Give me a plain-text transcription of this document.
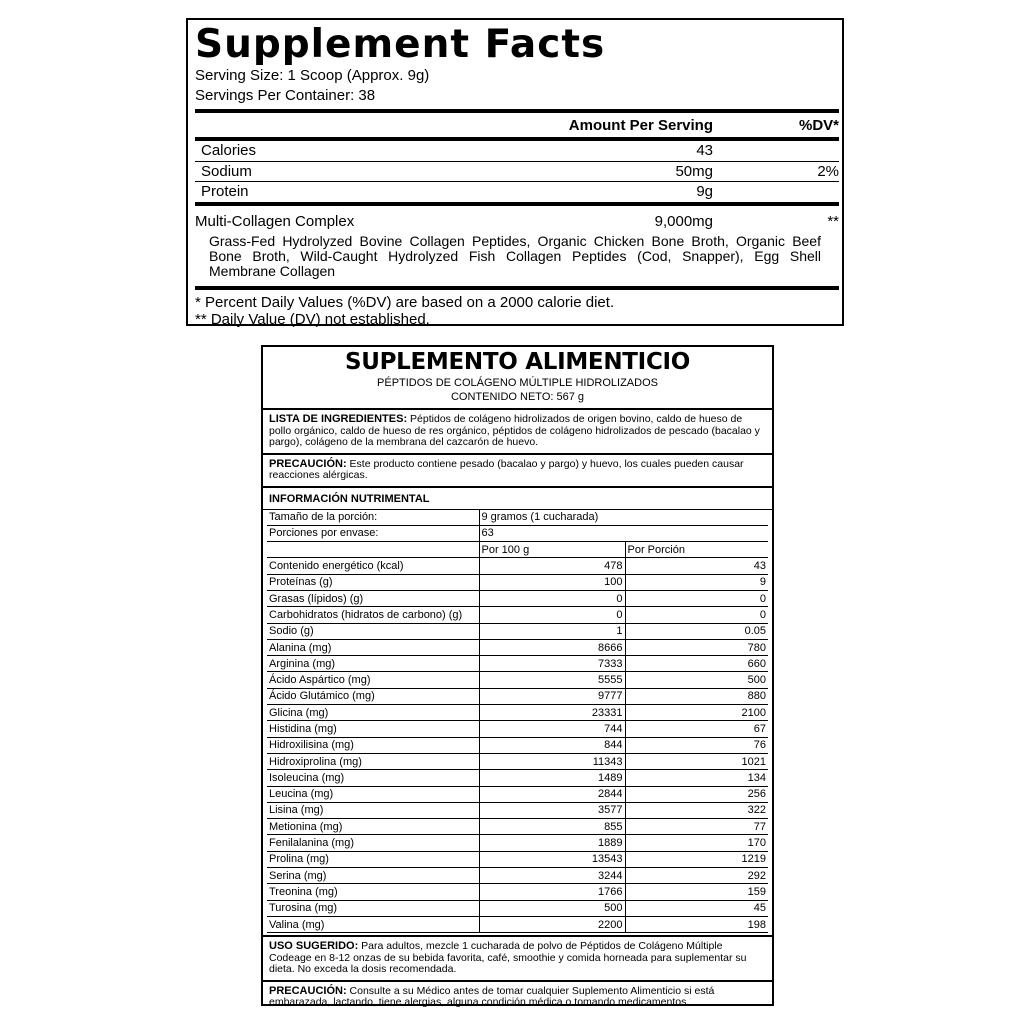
Supplement Facts
Serving Size: 1 Scoop (Approx. 9g)
Servings Per Container: 38
Amount Per Serving	%DV*
Calories	43
Sodium	50mg	2%
Protein	9g
Multi-Collagen Complex	9,000mg	**
Grass-Fed Hydrolyzed Bovine Collagen Peptides, Organic Chicken Bone Broth, Organic Beef Bone Broth, Wild-Caught Hydrolyzed Fish Collagen Peptides (Cod, Snapper), Egg Shell Membrane Collagen
* Percent Daily Values (%DV) are based on a 2000 calorie diet.
** Daily Value (DV) not established.
SUPLEMENTO ALIMENTICIO
PÉPTIDOS DE COLÁGENO MÚLTIPLE HIDROLIZADOS
CONTENIDO NETO: 567 g
LISTA DE INGREDIENTES: Péptidos de colágeno hidrolizados de origen bovino, caldo de hueso de pollo orgánico, caldo de hueso de res orgánico, péptidos de colágeno hidrolizados de pescado (bacalao y pargo), colágeno de la membrana del cazcarón de huevo.
PRECAUCIÓN: Este producto contiene pesado (bacalao y pargo) y huevo, los cuales pueden causar reacciones alérgicas.
INFORMACIÓN NUTRIMENTAL
Tamaño de la porción:	9 gramos (1 cucharada)	
Porciones por envase:	63	
	Por 100 g	Por Porción
Contenido energético (kcal)	478	43
Proteínas (g)	100	9
Grasas (lípidos) (g)	0	0
Carbohidratos (hidratos de carbono) (g)	0	0
Sodio (g)	1	0.05
Alanina (mg)	8666	780
Arginina (mg)	7333	660
Ácido Aspártico (mg)	5555	500
Ácido Glutámico (mg)	9777	880
Glicina (mg)	23331	2100
Histidina (mg)	744	67
Hidroxilisina (mg)	844	76
Hidroxiprolina (mg)	11343	1021
Isoleucina (mg)	1489	134
Leucina (mg)	2844	256
Lisina (mg)	3577	322
Metionina (mg)	855	77
Fenilalanina (mg)	1889	170
Prolina (mg)	13543	1219
Serina (mg)	3244	292
Treonina (mg)	1766	159
Turosina (mg)	500	45
Valina (mg)	2200	198
USO SUGERIDO: Para adultos, mezcle 1 cucharada de polvo de Péptidos de Colágeno Múltiple Codeage en 8-12 onzas de su bebida favorita, café, smoothie y comida horneada para suplementar su dieta. No exceda la dosis recomendada.
PRECAUCIÓN: Consulte a su Médico antes de tomar cualquier Suplemento Alimenticio si está embarazada, lactando, tiene alergias, alguna condición médica o tomando medicamentos.
